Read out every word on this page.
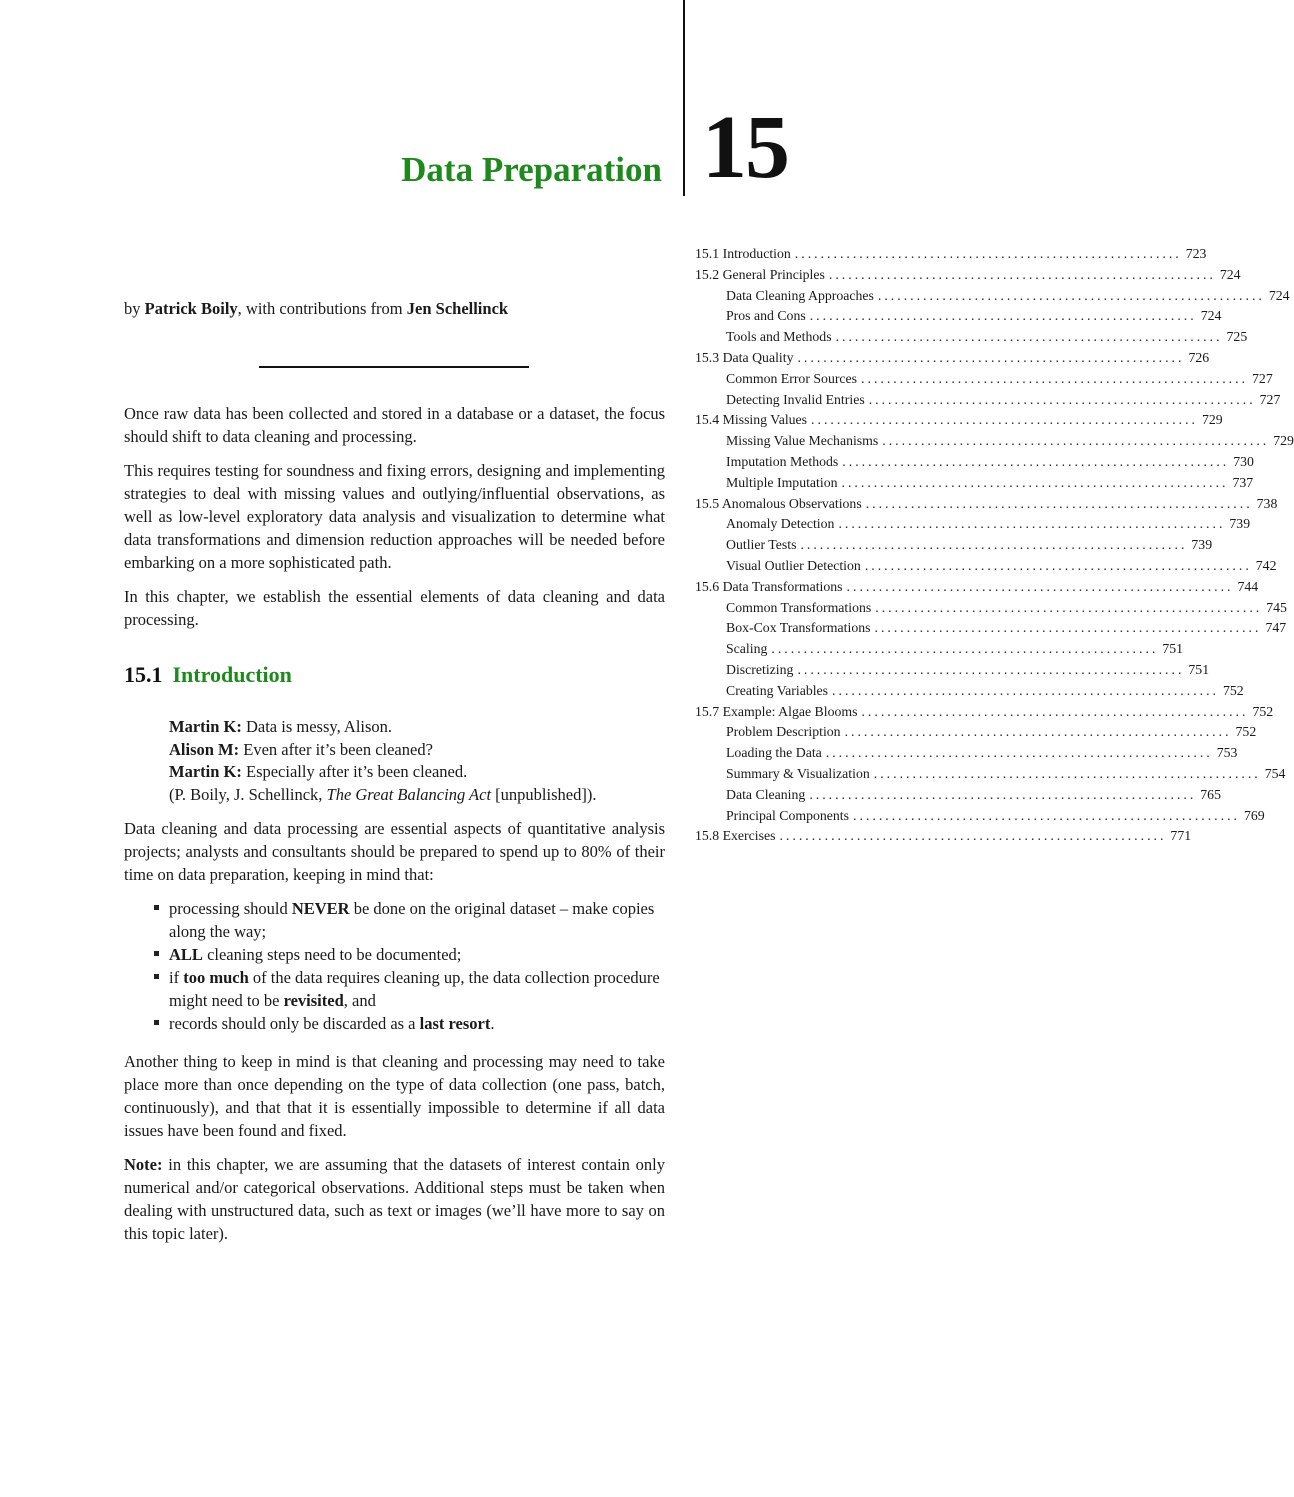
Data Preparation 15
by Patrick Boily, with contributions from Jen Schellinck
15.1 Introduction ............................................................ 723
15.2 General Principles ............................................................ 724
Data Cleaning Approaches ............................................................ 724
Pros and Cons ............................................................ 724
Tools and Methods ............................................................ 725
15.3 Data Quality ............................................................ 726
Common Error Sources ............................................................ 727
Detecting Invalid Entries ............................................................ 727
15.4 Missing Values ............................................................ 729
Missing Value Mechanisms ............................................................ 729
Imputation Methods ............................................................ 730
Multiple Imputation ............................................................ 737
15.5 Anomalous Observations ............................................................ 738
Anomaly Detection ............................................................ 739
Outlier Tests ............................................................ 739
Visual Outlier Detection ............................................................ 742
15.6 Data Transformations ............................................................ 744
Common Transformations ............................................................ 745
Box-Cox Transformations ............................................................ 747
Scaling ............................................................ 751
Discretizing ............................................................ 751
Creating Variables ............................................................ 752
15.7 Example: Algae Blooms ............................................................ 752
Problem Description ............................................................ 752
Loading the Data ............................................................ 753
Summary & Visualization ............................................................ 754
Data Cleaning ............................................................ 765
Principal Components ............................................................ 769
15.8 Exercises ............................................................ 771

Once raw data has been collected and stored in a database or a dataset, the focus should shift to data cleaning and processing.

This requires testing for soundness and fixing errors, designing and implementing strategies to deal with missing values and outlying/influential observations, as well as low-level exploratory data analysis and visualization to determine what data transformations and dimension reduction approaches will be needed before embarking on a more sophisticated path.

In this chapter, we establish the essential elements of data cleaning and data processing.

15.1 Introduction
Martin K: Data is messy, Alison.
Alison M: Even after it’s been cleaned?
Martin K: Especially after it’s been cleaned.
(P. Boily, J. Schellinck, The Great Balancing Act [unpublished]).

Data cleaning and data processing are essential aspects of quantitative analysis projects; analysts and consultants should be prepared to spend up to 80% of their time on data preparation, keeping in mind that:

processing should NEVER be done on the original dataset – make copies along the way;
ALL cleaning steps need to be documented;
if too much of the data requires cleaning up, the data collection procedure might need to be revisited, and
records should only be discarded as a last resort.

Another thing to keep in mind is that cleaning and processing may need to take place more than once depending on the type of data collection (one pass, batch, continuously), and that that it is essentially impossible to determine if all data issues have been found and fixed.

Note: in this chapter, we are assuming that the datasets of interest contain only numerical and/or categorical observations. Additional steps must be taken when dealing with unstructured data, such as text or images (we’ll have more to say on this topic later).
